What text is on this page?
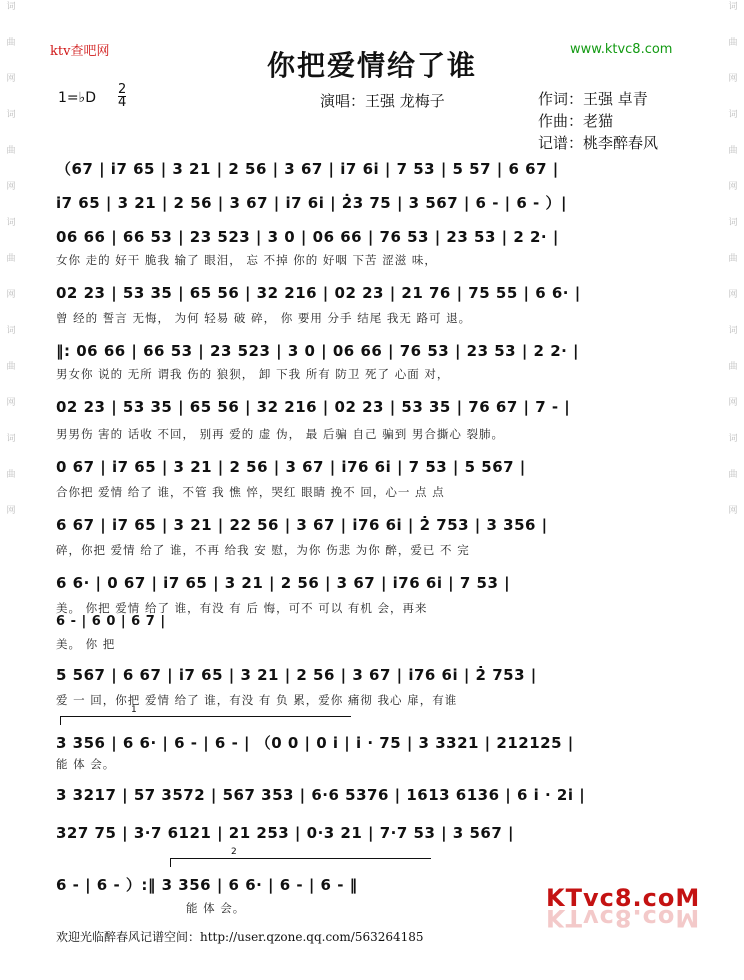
词
曲
网
词
曲
网
词
曲
网
词
曲
网
词
曲
网
词
曲
网
词
曲
网
词
曲
网
词
曲
网
词
曲
网
ktv查吧网	www.ktvc8.com
你把爱情给了谁
1=♭D $\frac{2}{4}$	演唱：王强 龙梅子	作词：王强 卓青
作曲：老猫
记谱：桃李醉春风
（67 | i7 65 | 3 21 | 2 56 | 3 67 | i7 6i | 7 53 | 5 57 | 6 67 |
i7 65 | 3 21 | 2 56 | 3 67 | i7 6i | 2̇3 75 | 3 567 | 6 - | 6 - ）|
06 66 | 66 53 | 23 523 | 3 0 | 06 66 | 76 53 | 23 53 | 2 2· |
女你 走的 好干 脆我 输了 眼泪， 忘 不掉 你的 好咽 下苦 涩滋 味，
02 23 | 53 35 | 65 56 | 32 216 | 02 23 | 21 76 | 75 55 | 6 6· |
曾 经的 誓言 无悔， 为何 轻易 破 碎， 你 要用 分手 结尾 我无 路可 退。
‖: 06 66 | 66 53 | 23 523 | 3 0 | 06 66 | 76 53 | 23 53 | 2 2· |
男女你 说的 无所 谓我 伤的 狼狈， 卸 下我 所有 防卫 死了 心面 对，
02 23 | 53 35 | 65 56 | 32 216 | 02 23 | 53 35 | 76 67 | 7 - |
男男伤 害的 话收 不回， 别再 爱的 虚 伪， 最 后骗 自己 骗到 男合撕心 裂肺。
0 67 | i7 65 | 3 21 | 2 56 | 3 67 | i76 6i | 7 53 | 5 567 |
合你把 爱情 给了 谁，不管 我 憔 悴，哭红 眼睛 挽不 回，心一 点 点
6 67 | i7 65 | 3 21 | 22 56 | 3 67 | i76 6i | 2̇ 753 | 3 356 |
碎，你把 爱情 给了 谁，不再 给我 安 慰，为你 伤悲 为你 醉，爱已 不 完
6 6· | 0 67 | i7 65 | 3 21 | 2 56 | 3 67 | i76 6i | 7 53 |
美。 你把 爱情 给了 谁，有没 有 后 悔，可不 可以 有机 会，再来
6 - | 6 0 | 6 7 |
美。 你 把
5 567 | 6 67 | i7 65 | 3 21 | 2 56 | 3 67 | i76 6i | 2̇ 753 |
爱 一 回，你把 爱情 给了 谁，有没 有 负 累，爱你 痛彻 我心 扉，有谁
1
3 356 | 6 6· | 6 - | 6 - | （0 0 | 0 i | i · 75 | 3 3321 | 212125 |
能 体 会。
3 3217 | 57 3572 | 567 353 | 6·6 5376 | 1613 6136 | 6 i · 2i |
327 75 | 3·7 6121 | 21 253 | 0·3 21 | 7·7 53 | 3 567 |
2
6 - | 6 - ）:‖ 3 356 | 6 6· | 6 - | 6 - ‖
能 体 会。	KTvc8.coM
KTvc8.coM
欢迎光临醉春风记谱空间：http://user.qzone.qq.com/563264185
